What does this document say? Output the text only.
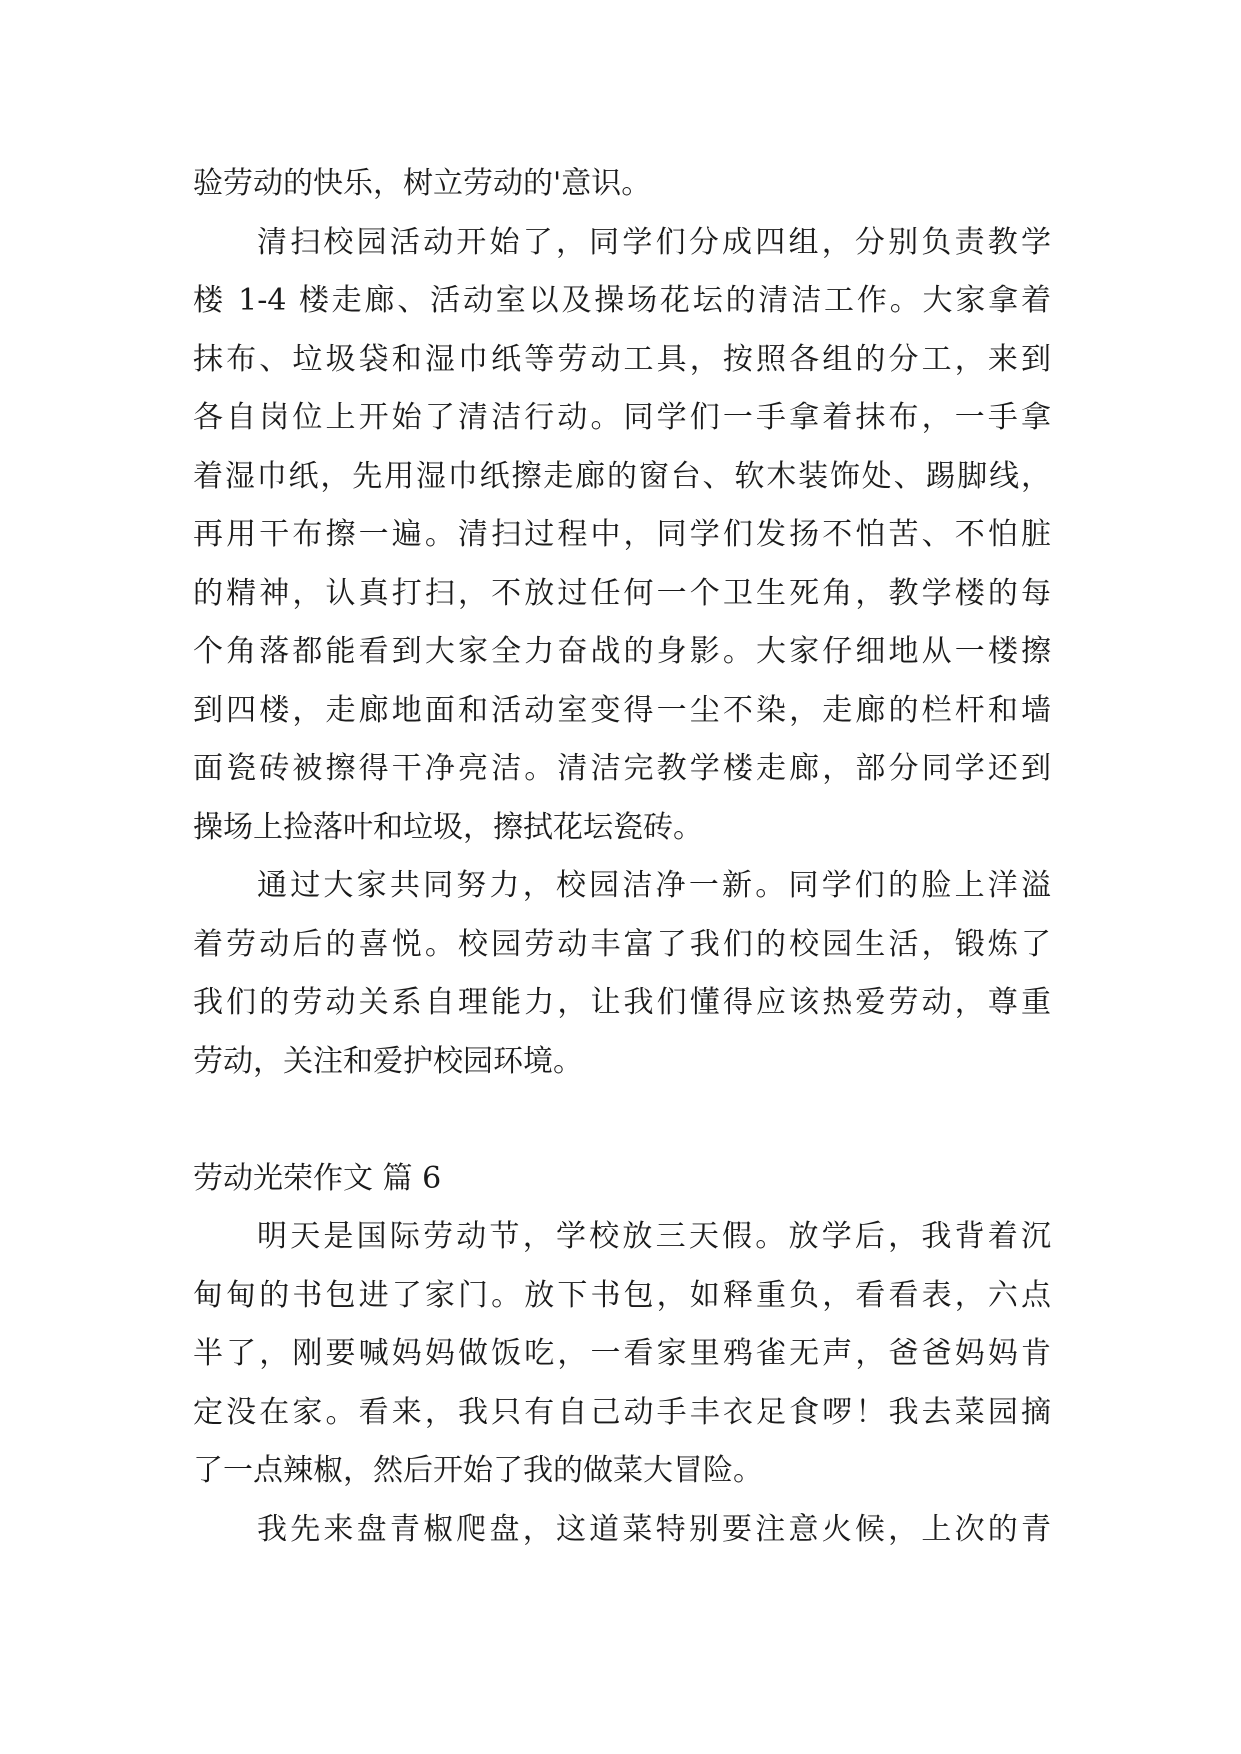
验劳动的快乐，树立劳动的'意识。
清扫校园活动开始了，同学们分成四组，分别负责教学
楼 1-4 楼走廊、活动室以及操场花坛的清洁工作。大家拿着
抹布、垃圾袋和湿巾纸等劳动工具，按照各组的分工，来到
各自岗位上开始了清洁行动。同学们一手拿着抹布，一手拿
着湿巾纸，先用湿巾纸擦走廊的窗台、软木装饰处、踢脚线，
再用干布擦一遍。清扫过程中，同学们发扬不怕苦、不怕脏
的精神，认真打扫，不放过任何一个卫生死角，教学楼的每
个角落都能看到大家全力奋战的身影。大家仔细地从一楼擦
到四楼，走廊地面和活动室变得一尘不染，走廊的栏杆和墙
面瓷砖被擦得干净亮洁。清洁完教学楼走廊，部分同学还到
操场上捡落叶和垃圾，擦拭花坛瓷砖。
通过大家共同努力，校园洁净一新。同学们的脸上洋溢
着劳动后的喜悦。校园劳动丰富了我们的校园生活，锻炼了
我们的劳动关系自理能力，让我们懂得应该热爱劳动，尊重
劳动，关注和爱护校园环境。
劳动光荣作文 篇 6
明天是国际劳动节，学校放三天假。放学后，我背着沉
甸甸的书包进了家门。放下书包，如释重负，看看表，六点
半了，刚要喊妈妈做饭吃，一看家里鸦雀无声，爸爸妈妈肯
定没在家。看来，我只有自己动手丰衣足食啰！我去菜园摘
了一点辣椒，然后开始了我的做菜大冒险。
我先来盘青椒爬盘，这道菜特别要注意火候，上次的青
